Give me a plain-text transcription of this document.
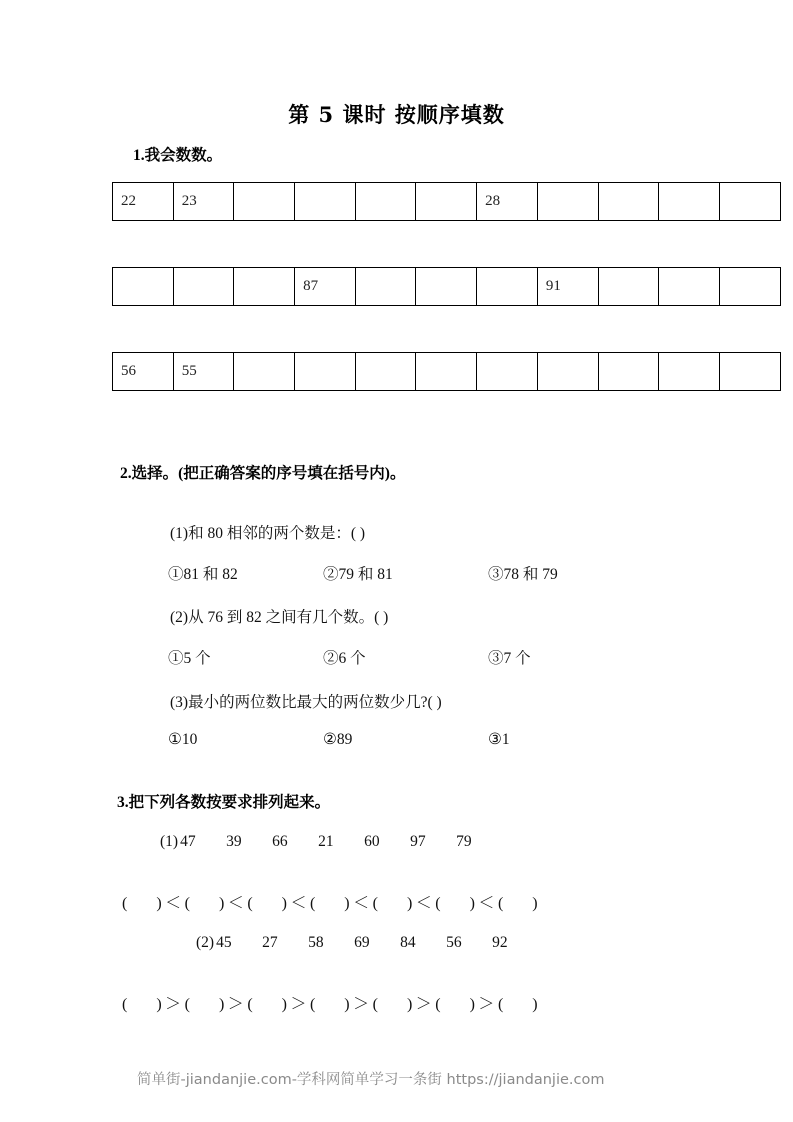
第 5 课时 按顺序填数
1.我会数数。
22	23					28				
			87				91			
56	55									
2.选择。(把正确答案的序号填在括号内)。
(1)和 80 相邻的两个数是：( )
①81 和 82	②79 和 81	③78 和 79
(2)从 76 到 82 之间有几个数。( )
①5 个	②6 个	③7 个
(3)最小的两位数比最大的两位数少几?( )
①10	②89	③1
3.把下列各数按要求排列起来。
(1) 47 39 66 21 60 97 79
( ) ＜ ( ) ＜ ( ) ＜ ( ) ＜ ( ) ＜ ( ) ＜ ( )
(2) 45 27 58 69 84 56 92
( ) ＞ ( ) ＞ ( ) ＞ ( ) ＞ ( ) ＞ ( ) ＞ ( )
简单街-jiandanjie.com-学科网简单学习一条街 https://jiandanjie.com
